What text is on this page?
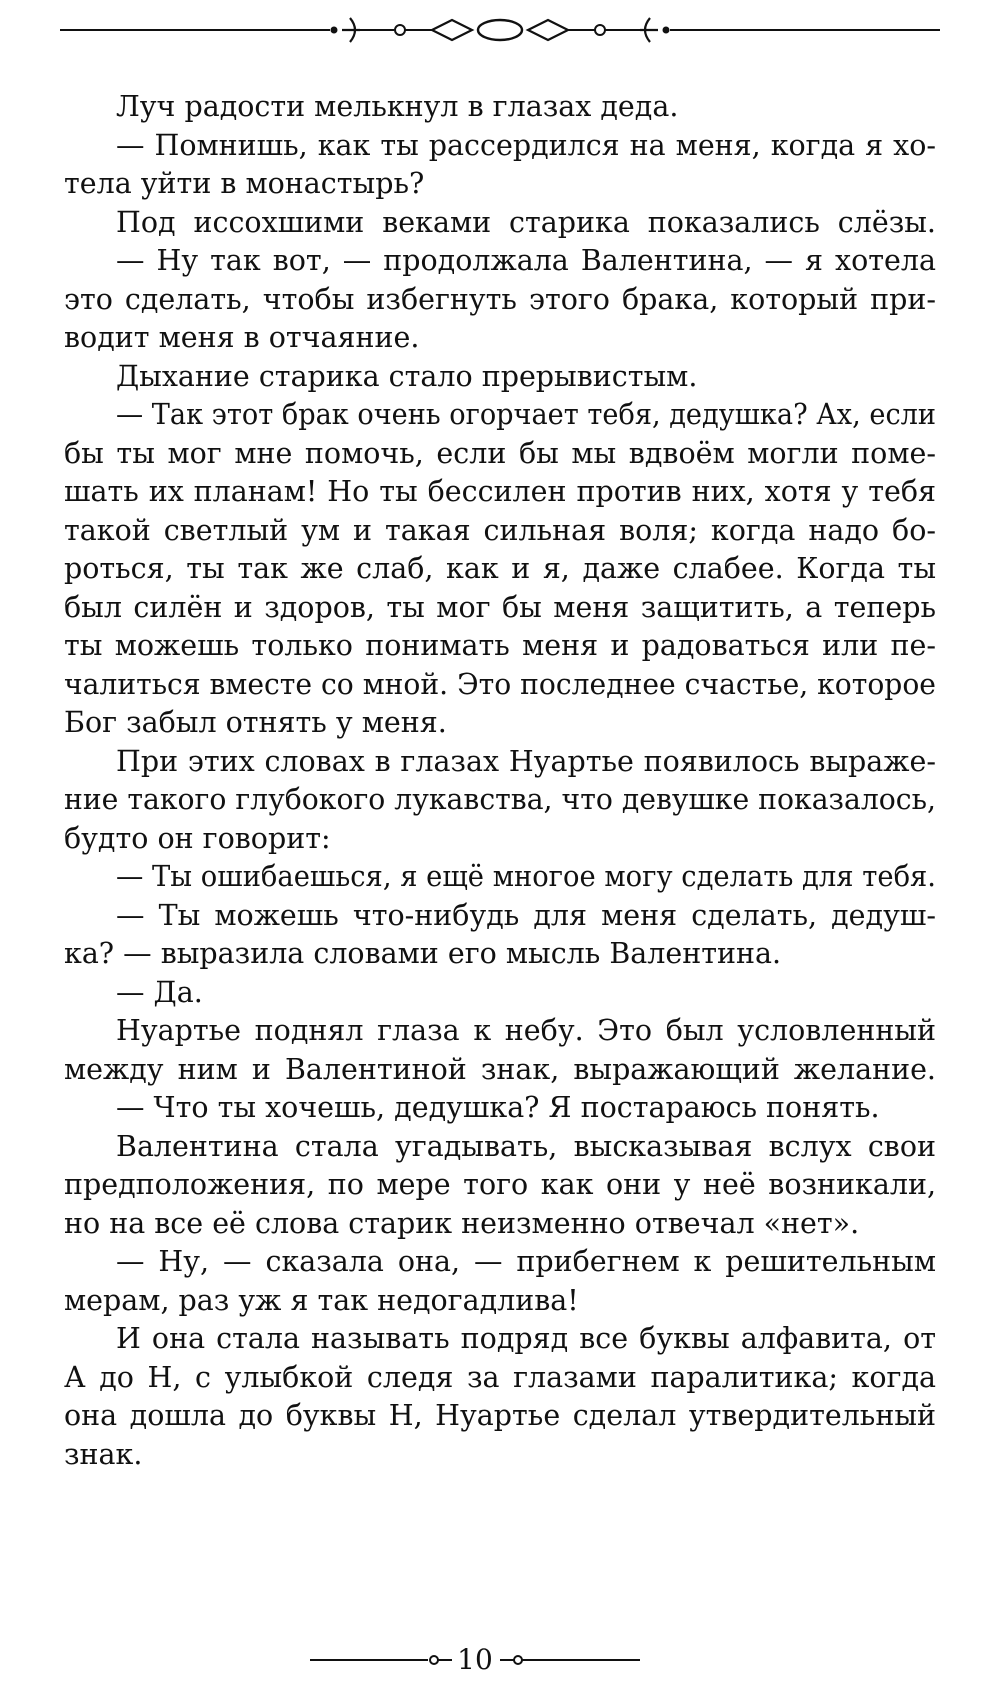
Луч радости мелькнул в глазах деда.
— Помнишь, как ты рассердился на меня, когда я хо-
тела уйти в монастырь?
Под иссохшими веками старика показались слёзы.
— Ну так вот, — продолжала Валентина, — я хотела
это сделать, чтобы избегнуть этого брака, который при-
водит меня в отчаяние.
Дыхание старика стало прерывистым.
— Так этот брак очень огорчает тебя, дедушка? Ах, если
бы ты мог мне помочь, если бы мы вдвоём могли поме-
шать их планам! Но ты бессилен против них, хотя у тебя
такой светлый ум и такая сильная воля; когда надо бо-
роться, ты так же слаб, как и я, даже слабее. Когда ты
был силён и здоров, ты мог бы меня защитить, а теперь
ты можешь только понимать меня и радоваться или пе-
чалиться вместе со мной. Это последнее счастье, которое
Бог забыл отнять у меня.
При этих словах в глазах Нуартье появилось выраже-
ние такого глубокого лукавства, что девушке показалось,
будто он говорит:
— Ты ошибаешься, я ещё многое могу сделать для тебя.
— Ты можешь что-нибудь для меня сделать, дедуш-
ка? — выразила словами его мысль Валентина.
— Да.
Нуартье поднял глаза к небу. Это был условленный
между ним и Валентиной знак, выражающий желание.
— Что ты хочешь, дедушка? Я постараюсь понять.
Валентина стала угадывать, высказывая вслух свои
предположения, по мере того как они у неё возникали,
но на все её слова старик неизменно отвечал «нет».
— Ну, — сказала она, — прибегнем к решительным
мерам, раз уж я так недогадлива!
И она стала называть подряд все буквы алфавита, от
А до Н, с улыбкой следя за глазами паралитика; когда
она дошла до буквы Н, Нуартье сделал утвердительный
знак.
10
